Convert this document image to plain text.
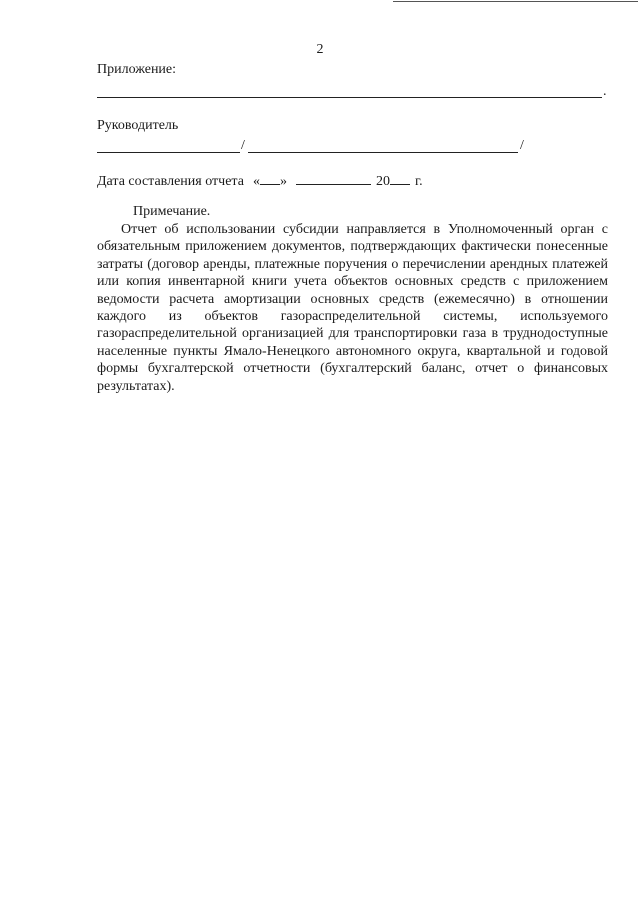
2
Приложение:
.
Руководитель
/	/
Дата составления отчета « »	20 г.
Примечание.

Отчет об использовании субсидии направляется в Уполномоченный орган с обязательным приложением документов, подтверждающих фактически понесенные затраты (договор аренды, платежные поручения о перечислении арендных платежей или копия инвентарной книги учета объектов основных средств с приложением ведомости расчета амортизации основных средств (ежемесячно) в отношении каждого из объектов газораспределительной системы, используемого газораспределительной организацией для транспортировки газа в труднодоступные населенные пункты Ямало-Ненецкого автономного округа, квартальной и годовой формы бухгалтерской отчетности (бухгалтерский баланс, отчет о финансовых результатах).
